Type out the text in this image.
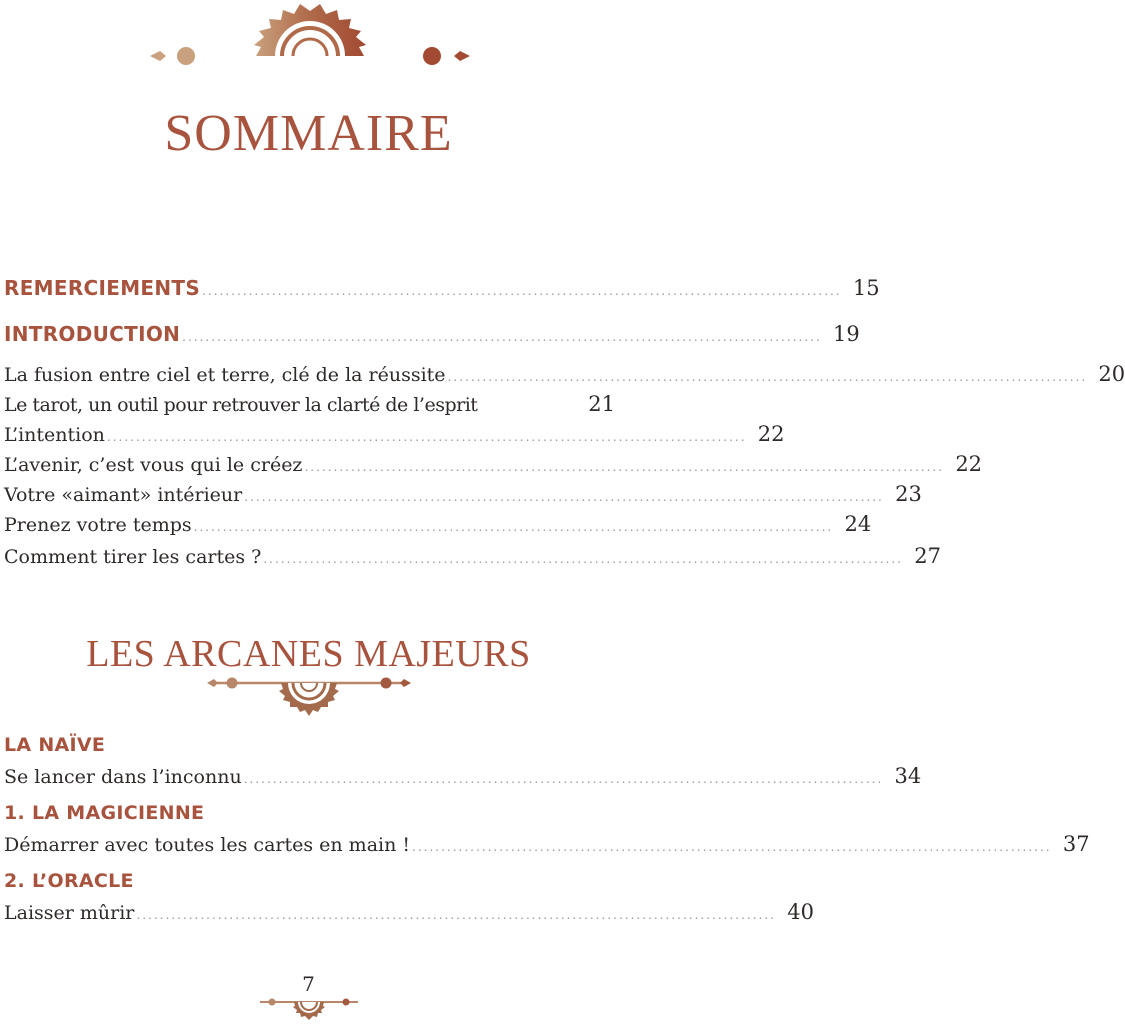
SOMMAIRE
REMERCIEMENTS .............................................................................................................. 15
INTRODUCTION .............................................................................................................. 19
La fusion entre ciel et terre, clé de la réussite .............................................................................................................. 20
Le tarot, un outil pour retrouver la clarté de l’esprit	21
L’intention .............................................................................................................. 22
L’avenir, c’est vous qui le créez .............................................................................................................. 22
Votre «aimant» intérieur .............................................................................................................. 23
Prenez votre temps .............................................................................................................. 24
Comment tirer les cartes ? .............................................................................................................. 27
LES ARCANES MAJEURS
LA NAÏVE
Se lancer dans l’inconnu .............................................................................................................. 34
1. LA MAGICIENNE
Démarrer avec toutes les cartes en main ! .............................................................................................................. 37
2. L’ORACLE
Laisser mûrir .............................................................................................................. 40
7
